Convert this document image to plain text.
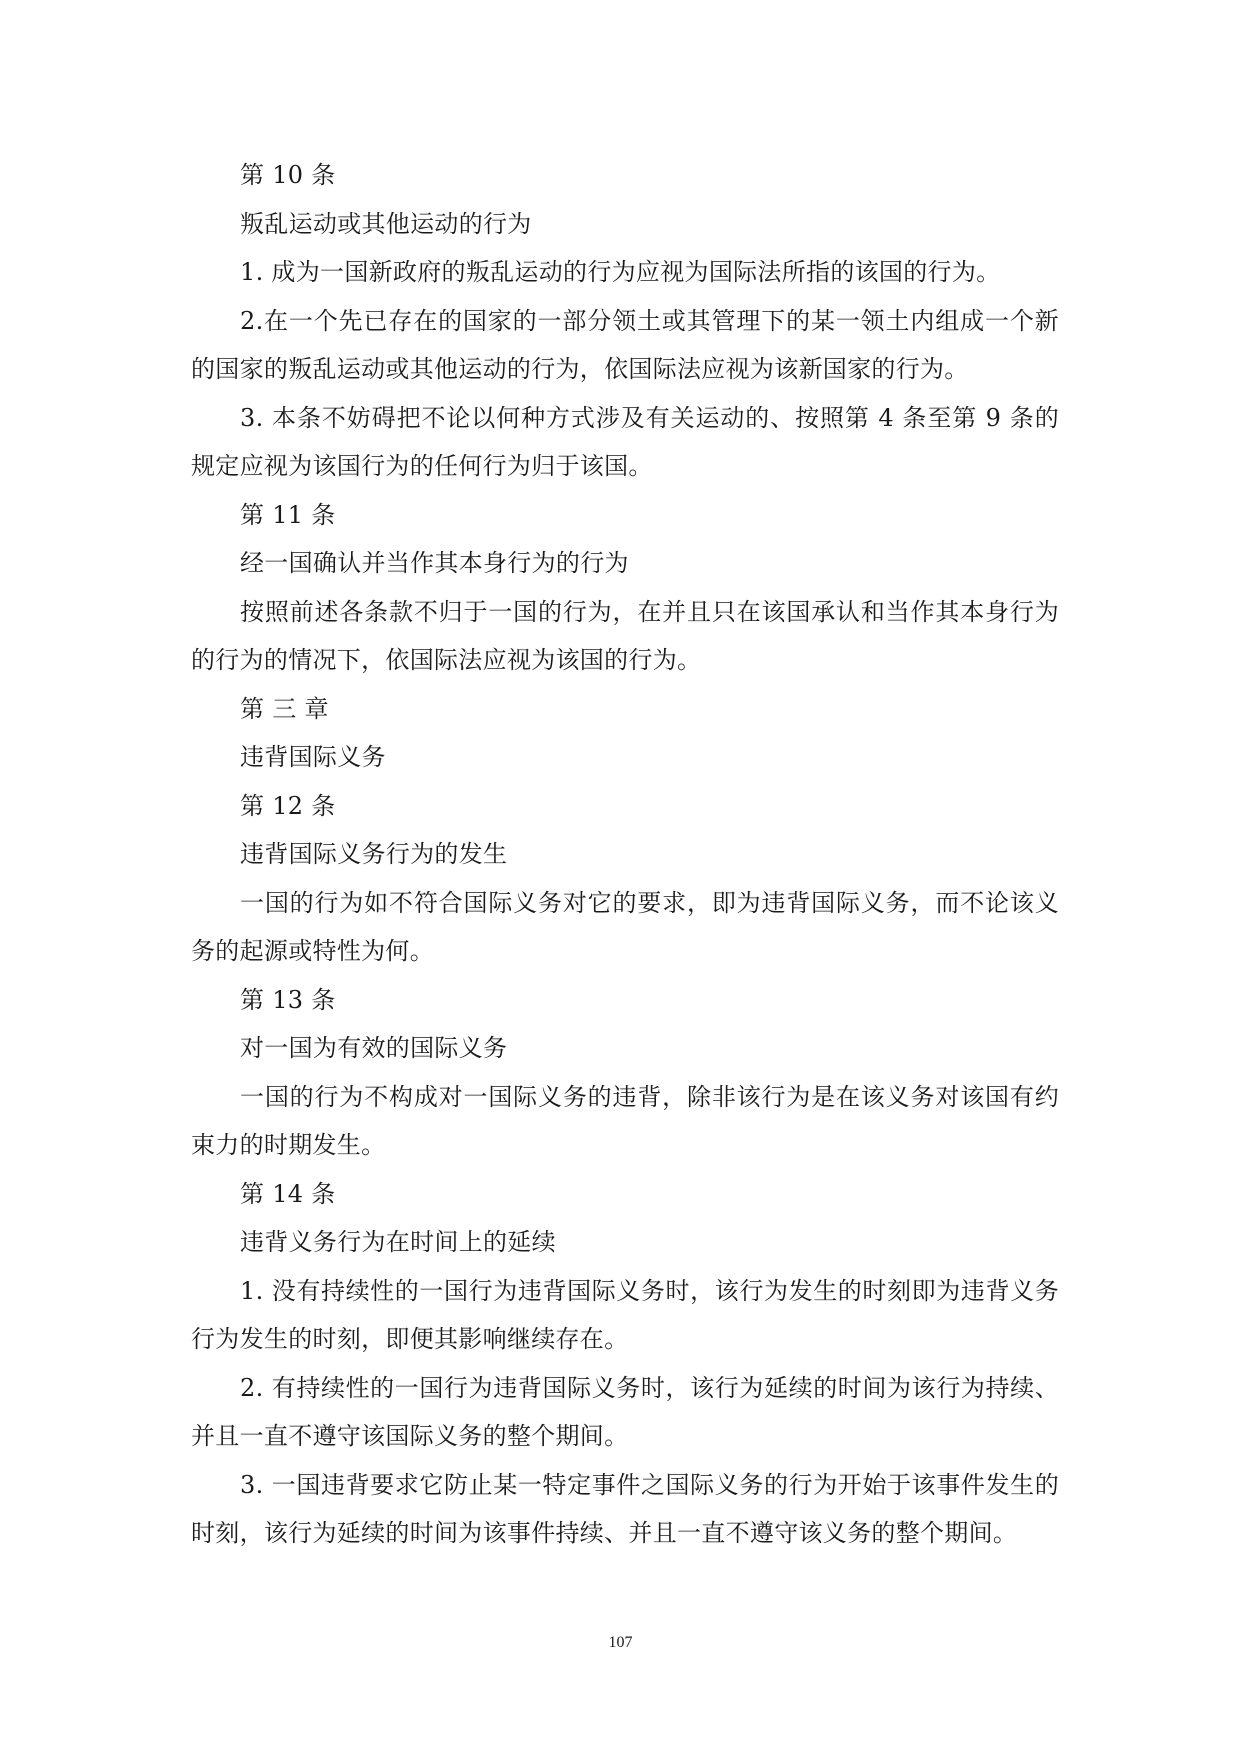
第 10 条

叛乱运动或其他运动的行为

1. 成为一国新政府的叛乱运动的行为应视为国际法所指的该国的行为。

2.在一个先已存在的国家的一部分领土或其管理下的某一领土内组成一个新的国家的叛乱运动或其他运动的行为，依国际法应视为该新国家的行为。

3. 本条不妨碍把不论以何种方式涉及有关运动的、按照第 4 条至第 9 条的规定应视为该国行为的任何行为归于该国。

第 11 条

经一国确认并当作其本身行为的行为

按照前述各条款不归于一国的行为，在并且只在该国承认和当作其本身行为的行为的情况下，依国际法应视为该国的行为。

第 三 章

违背国际义务

第 12 条

违背国际义务行为的发生

一国的行为如不符合国际义务对它的要求，即为违背国际义务，而不论该义务的起源或特性为何。

第 13 条

对一国为有效的国际义务

一国的行为不构成对一国际义务的违背，除非该行为是在该义务对该国有约束力的时期发生。

第 14 条

违背义务行为在时间上的延续

1. 没有持续性的一国行为违背国际义务时，该行为发生的时刻即为违背义务行为发生的时刻，即便其影响继续存在。

2. 有持续性的一国行为违背国际义务时，该行为延续的时间为该行为持续、并且一直不遵守该国际义务的整个期间。

3. 一国违背要求它防止某一特定事件之国际义务的行为开始于该事件发生的时刻，该行为延续的时间为该事件持续、并且一直不遵守该义务的整个期间。

107
